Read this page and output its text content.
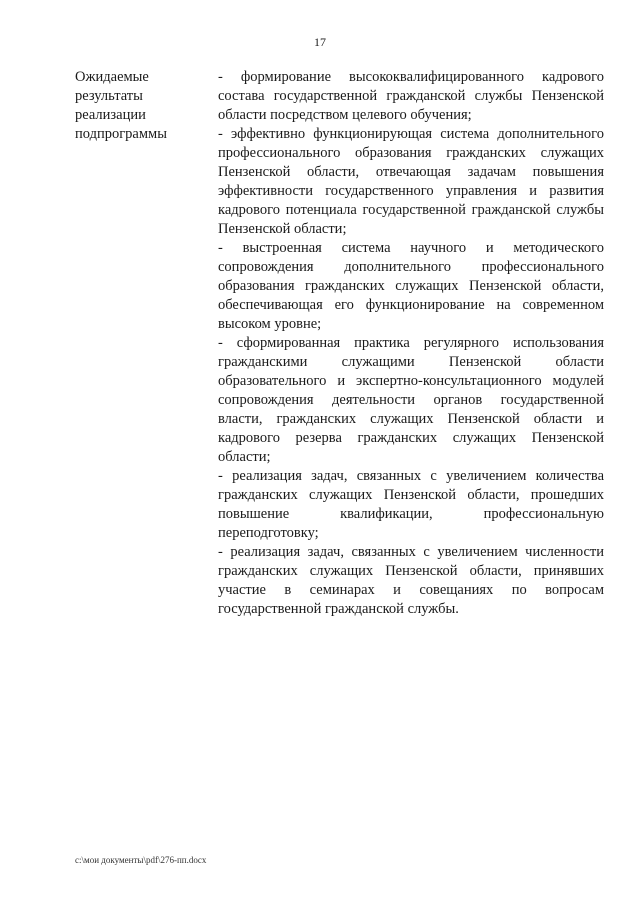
17
Ожидаемые результаты реализации подпрограммы

- формирование высококвалифицированного кадрового состава государственной гражданской службы Пензенской области посредством целевого обучения;

- эффективно функционирующая система дополнительного профессионального образования гражданских служащих Пензенской области, отвечающая задачам повышения эффективности государственного управления и развития кадрового потенциала государственной гражданской службы Пензенской области;

- выстроенная система научного и методического сопровождения дополнительного профессионального образования гражданских служащих Пензенской области, обеспечивающая его функционирование на современном высоком уровне;

- сформированная практика регулярного использования гражданскими служащими Пензенской области образовательного и экспертно-консультационного модулей сопровождения деятельности органов государственной власти, гражданских служащих Пензенской области и кадрового резерва гражданских служащих Пензенской области;

- реализация задач, связанных с увеличением количества гражданских служащих Пензенской области, прошедших повышение квалификации, профессиональную переподготовку;

- реализация задач, связанных с увеличением численности гражданских служащих Пензенской области, принявших участие в семинарах и совещаниях по вопросам государственной гражданской службы.

c:\мои документы\pdf\276-пп.docx
